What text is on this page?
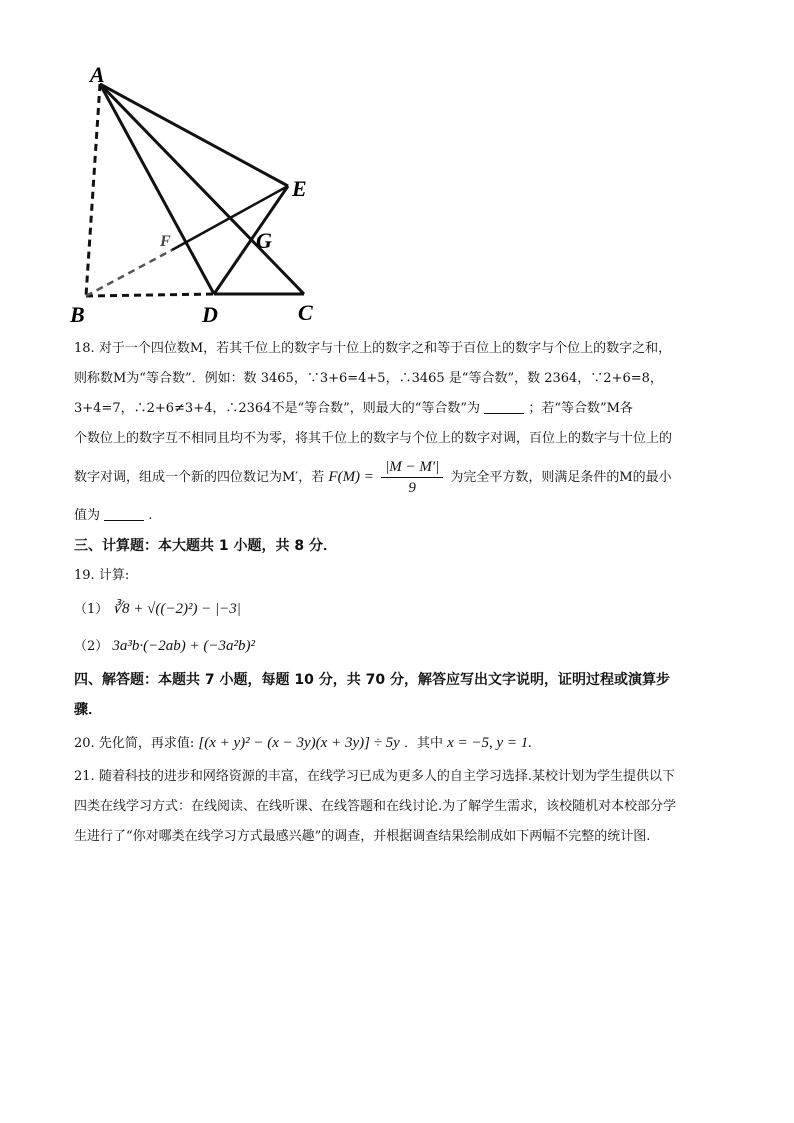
A
B	C
D
E
F	G
18. 对于一个四位数M，若其千位上的数字与十位上的数字之和等于百位上的数字与个位上的数字之和，
则称数M为“等合数”．例如：数 3465，∵3+6=4+5，∴3465 是“等合数”，数 2364，∵2+6=8，
3+4=7，∴2+6≠3+4，∴2364不是“等合数”，则最大的“等合数”为	；若“等合数”M各
个数位上的数字互不相同且均不为零，将其千位上的数字与个位上的数字对调，百位上的数字与十位上的
数字对调，组成一个新的四位数记为M′，若 $F(M) = \frac{|M - M'|}{9}$ 为完全平方数，则满足条件的M的最小
值为	.
三、计算题：本大题共 1 小题，共 8 分．
19. 计算:
（1） ∛8 + √((−2)²) − |−3|
（2） 3a³b·(−2ab) + (−3a²b)²
四、解答题：本题共 7 小题，每题 10 分，共 70 分，解答应写出文字说明，证明过程或演算步
骤．
20. 先化简，再求值: [(x + y)² − (x − 3y)(x + 3y)] ÷ 5y ．其中 x = −5, y = 1.
21. 随着科技的进步和网络资源的丰富，在线学习已成为更多人的自主学习选择.某校计划为学生提供以下
四类在线学习方式：在线阅读、在线听课、在线答题和在线讨论.为了解学生需求，该校随机对本校部分学
生进行了“你对哪类在线学习方式最感兴趣”的调查，并根据调查结果绘制成如下两幅不完整的统计图.
